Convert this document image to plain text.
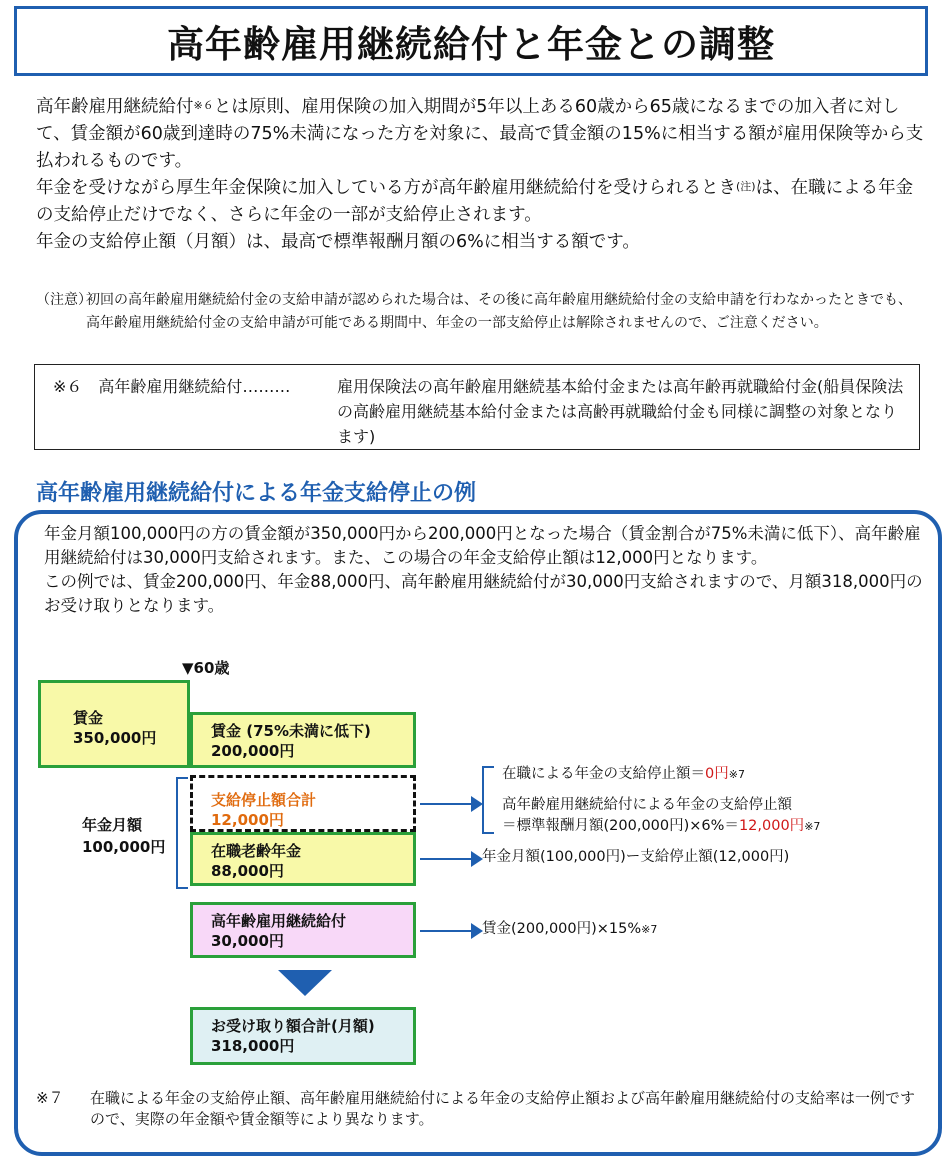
高年齢雇用継続給付と年金との調整

高年齢雇用継続給付$^{※6}$とは原則、雇用保険の加入期間が5年以上ある60歳から65歳になるまでの加入者に対して、賃金額が60歳到達時の75%未満になった方を対象に、最高で賃金額の15%に相当する額が雇用保険等から支払われるものです。

年金を受けながら厚生年金保険に加入している方が高年齢雇用継続給付を受けられるとき$^{(注)}$は、在職による年金の支給停止だけでなく、さらに年金の一部が支給停止されます。

年金の支給停止額（月額）は、最高で標準報酬月額の6%に相当する額です。

（注意）
初回の高年齢雇用継続給付金の支給申請が認められた場合は、その後に高年齢雇用継続給付金の支給申請を行わなかったときでも、高年齢雇用継続給付金の支給申請が可能である期間中、年金の一部支給停止は解除されませんので、ご注意ください。
※６　高年齢雇用継続給付………	雇用保険法の高年齢雇用継続基本給付金または高年齢再就職給付金(船員保険法の高齢雇用継続基本給付金または高齢再就職給付金も同様に調整の対象となります)
高年齢雇用継続給付による年金支給停止の例

年金月額100,000円の方の賃金額が350,000円から200,000円となった場合（賃金割合が75%未満に低下）、高年齢雇用継続給付は30,000円支給されます。また、この場合の年金支給停止額は12,000円となります。

この例では、賃金200,000円、年金88,000円、高年齢雇用継続給付が30,000円支給されますので、月額318,000円のお受け取りとなります。

▼60歳
賃金
350,000円	賃金 (75%未満に低下)
200,000円
年金月額
100,000円
支給停止額合計
12,000円
在職老齢年金
88,000円
高年齢雇用継続給付
30,000円
お受け取り額合計(月額)
318,000円
在職による年金の支給停止額＝0円$^{※7}$
高年齢雇用継続給付による年金の支給停止額
＝標準報酬月額(200,000円)×6%＝12,000円$^{※7}$
年金月額(100,000円)ー支給停止額(12,000円)
賃金(200,000円)×15%$^{※7}$
※７ 在職による年金の支給停止額、高年齢雇用継続給付による年金の支給停止額および高年齢雇用継続給付の支給率は一例ですので、実際の年金額や賃金額等により異なります。
